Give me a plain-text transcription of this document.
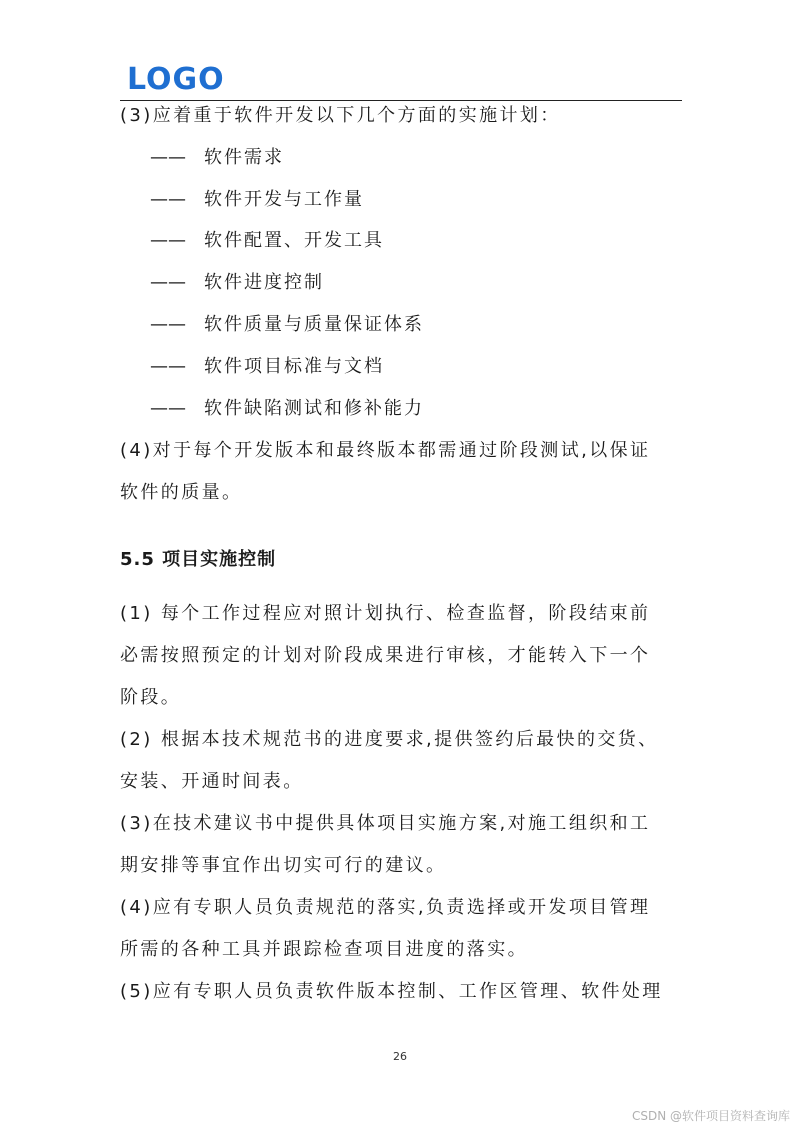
LOGO
(3)应着重于软件开发以下几个方面的实施计划：
—— 软件需求
—— 软件开发与工作量
—— 软件配置、开发工具
—— 软件进度控制
—— 软件质量与质量保证体系
—— 软件项目标准与文档
—— 软件缺陷测试和修补能力
(4)对于每个开发版本和最终版本都需通过阶段测试,以保证
软件的质量。
5.5 项目实施控制
(1) 每个工作过程应对照计划执行、检查监督，阶段结束前
必需按照预定的计划对阶段成果进行审核，才能转入下一个
阶段。
(2) 根据本技术规范书的进度要求,提供签约后最快的交货、
安装、开通时间表。
(3)在技术建议书中提供具体项目实施方案,对施工组织和工
期安排等事宜作出切实可行的建议。
(4)应有专职人员负责规范的落实,负责选择或开发项目管理
所需的各种工具并跟踪检查项目进度的落实。
(5)应有专职人员负责软件版本控制、工作区管理、软件处理
26
CSDN @软件项目资料查询库
